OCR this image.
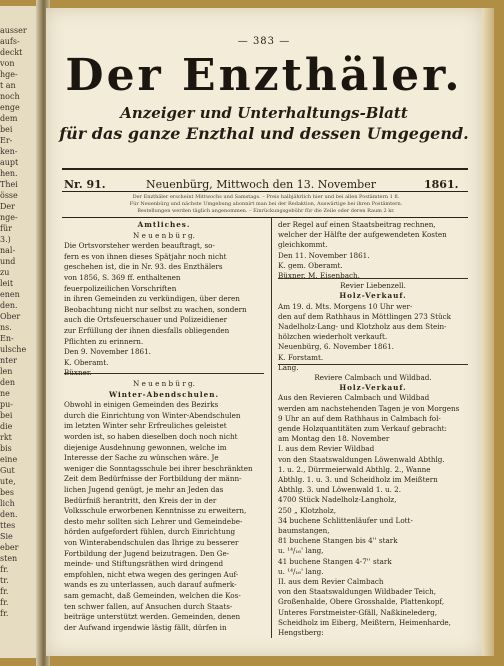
ausser
aufs-
deckt
von
hge-
t an
noch
enge
dem
bei
Er-
ken-
aupt
hen.
Thei
össe
Der
nge-
für
3.)
nal-
und
zu
leit
enen
den.
Ober
ns.
En-
ulsche
nter
len
den
ne
pu-
bei
die
rkt
bis
eine
Gut
ute,
bes
lich
den.
ttes
Sie
eber
sten
fr.
tr.
fr.
fr.
fr.
— 383 —
Der Enzthäler.
Anzeiger und Unterhaltungs-Blatt
für das ganze Enzthal und dessen Umgegend.
Nr. 91.	Neuenbürg, Mittwoch den 13. November	1861.
Der Enzthäler erscheint Mittwochs und Samstags. – Preis halbjährlich hier und bei allen Postämtern 1 fl.
Für Neuenbürg und nächste Umgebung abonnirt man bei der Redaktion, Auswärtige bei ihren Postämtern.
Bestellungen werden täglich angenommen. – Einrückungsgebühr für die Zeile oder deren Raum 2 kr.
Amtliches.
N e u e n b ü r g.
Die Ortsvorsteher werden beauftragt, so-
fern es von ihnen dieses Spätjahr noch nicht
geschehen ist, die in Nr. 93. des Enzthälers
von 1856, S. 369 ff. enthaltenen
feuerpolizeilichen Vorschriften
in ihren Gemeinden zu verkündigen, über deren
Beobachtung nicht nur selbst zu wachen, sondern
auch die Ortsfeuerschauer und Polizeidiener
zur Erfüllung der ihnen diesfalls obliegenden
Pflichten zu erinnern.
Den 9. November 1861.
K. Oberamt.
Büxner.
N e u e n b ü r g.
Winter-Abendschulen.
Obwohl in einigen Gemeinden des Bezirks
durch die Einrichtung von Winter-Abendschulen
im letzten Winter sehr Erfreuliches geleistet
worden ist, so haben dieselben doch noch nicht
diejenige Ausdehnung gewonnen, welche im
Interesse der Sache zu wünschen wäre. Je
weniger die Sonntagsschule bei ihrer beschränkten
Zeit dem Bedürfnisse der Fortbildung der männ-
lichen Jugend genügt, je mehr an Jeden das
Bedürfniß herantritt, den Kreis der in der
Volksschule erworbenen Kenntnisse zu erweitern,
desto mehr sollten sich Lehrer und Gemeindebe-
hörden aufgefordert fühlen, durch Einrichtung
von Winterabendschulen das Ihrige zu besserer
Fortbildung der Jugend beizutragen. Den Ge-
meinde- und Stiftungsräthen wird dringend
empfohlen, nicht etwa wegen des geringen Auf-
wands es zu unterlassen, auch darauf aufmerk-
sam gemacht, daß Gemeinden, welchen die Kos-
ten schwer fallen, auf Ansuchen durch Staats-
beiträge unterstützt werden. Gemeinden, denen
der Aufwand irgendwie lästig fällt, dürfen in
der Regel auf einen Staatsbeitrag rechnen,
welcher der Hälfte der aufgewendeten Kosten
gleichkommt.
Den 11. November 1861.
K. gem. Oberamt.
Büxner. M. Eisenbach.
Revier Liebenzell.
Holz-Verkauf.
Am 19. d. Mts. Morgens 10 Uhr wer-
den auf dem Rathhaus in Möttlingen 273 Stück
Nadelholz-Lang- und Klotzholz aus dem Stein-
hölzchen wiederholt verkauft.
Neuenbürg, 6. November 1861.
K. Forstamt.
Lang.
Reviere Calmbach und Wildbad.
Holz-Verkauf.
Aus den Revieren Calmbach und Wildbad
werden am nachstehenden Tagen je von Morgens
9 Uhr an auf dem Rathhaus in Calmbach fol-
gende Holzquantitäten zum Verkauf gebracht:
am Montag den 18. November
I. aus dem Revier Wildbad
von den Staatswaldungen Löwenwald Abthlg.
1. u. 2., Dürrmeierwald Abthlg. 2., Wanne
Abthlg. 1. u. 3. und Scheidholz im Meißtern
Abthlg. 3. und Löwenwald 1. u. 2.
4700 Stück Nadelholz-Langholz,
250 „ Klotzholz,
34 buchene Schlittenläufer und Lott-
baumstangen,
81 buchene Stangen bis 4'' stark
u. ¹⁴/₁₆' lang,
41 buchene Stangen 4-7'' stark
u. ¹⁴/₁₆' lang.
II. aus dem Revier Calmbach
von den Staatswaldungen Wildbader Teich,
Großenhalde, Obere Grosshalde, Plattenkopf,
Unteres Forstmeister-Gfäll, Naßkinelederg,
Scheidholz im Eiberg, Meißtern, Heimenharde,
Hengstberg:
